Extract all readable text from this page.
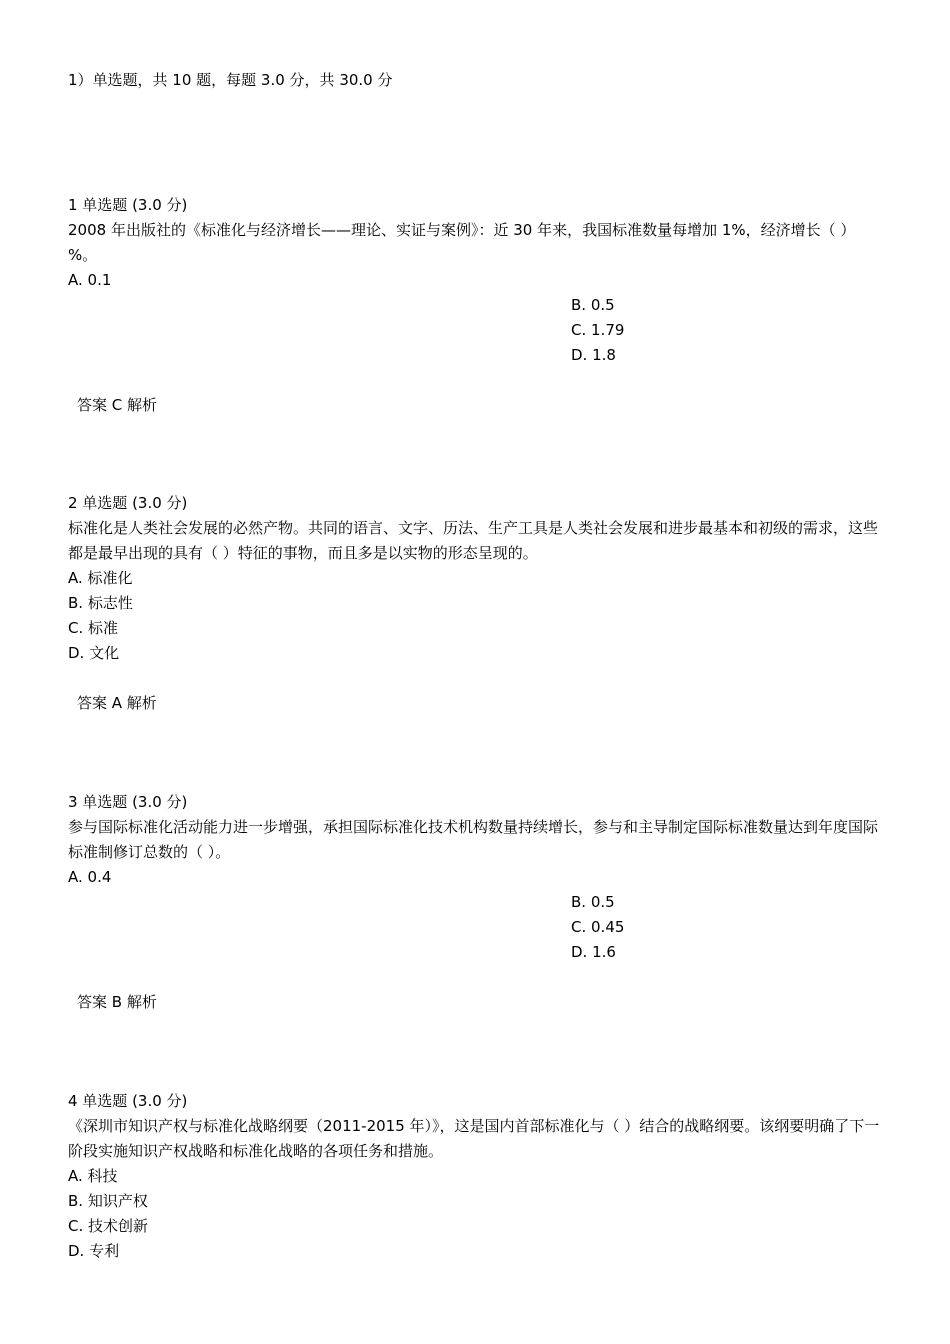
1）单选题，共 10 题，每题 3.0 分，共 30.0 分
1 单选题 (3.0 分)

2008 年出版社的《标准化与经济增长——理论、实证与案例》：近 30 年来，我国标准数量每增加 1%，经济增长（ ）%。

A. 0.1
B. 0.5
C. 1.79
D. 1.8
答案 C 解析
2 单选题 (3.0 分)

标准化是人类社会发展的必然产物。共同的语言、文字、历法、生产工具是人类社会发展和进步最基本和初级的需求，这些都是最早出现的具有（ ）特征的事物，而且多是以实物的形态呈现的。

A. 标准化
B. 标志性
C. 标准
D. 文化
答案 A 解析
3 单选题 (3.0 分)

参与国际标准化活动能力进一步增强，承担国际标准化技术机构数量持续增长，参与和主导制定国际标准数量达到年度国际标准制修订总数的（ ）。

A. 0.4
B. 0.5
C. 0.45
D. 1.6
答案 B 解析
4 单选题 (3.0 分)

《深圳市知识产权与标准化战略纲要（2011-2015 年）》，这是国内首部标准化与（ ）结合的战略纲要。该纲要明确了下一阶段实施知识产权战略和标准化战略的各项任务和措施。

A. 科技
B. 知识产权
C. 技术创新
D. 专利
